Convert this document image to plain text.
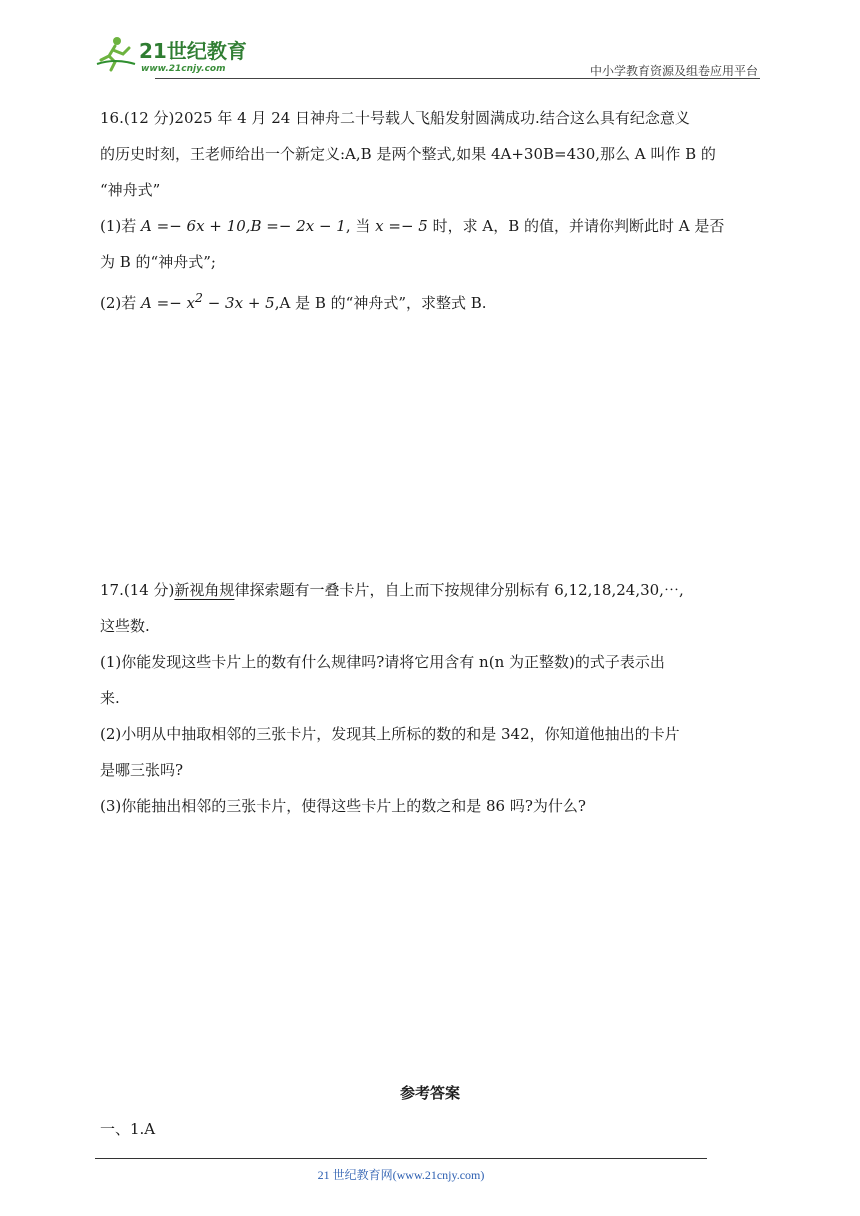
21世纪教育
www.21cnjy.com	中小学教育资源及组卷应用平台
16.(12 分)2025 年 4 月 24 日神舟二十号载人飞船发射圆满成功.结合这么具有纪念意义
的历史时刻，王老师给出一个新定义:A,B 是两个整式,如果 4A+30B=430,那么 A 叫作 B 的
“神舟式”
(1)若 A =− 6x + 10,B =− 2x − 1, 当 x =− 5 时，求 A，B 的值，并请你判断此时 A 是否
为 B 的“神舟式”;
(2)若 $A =- x^2 - 3x + 5,A$ 是 B 的“神舟式”，求整式 B.
17.(14 分)新视角规律探索题有一叠卡片，自上而下按规律分别标有 6,12,18,24,30,⋯,
这些数.
(1)你能发现这些卡片上的数有什么规律吗?请将它用含有 n(n 为正整数)的式子表示出
来.
(2)小明从中抽取相邻的三张卡片，发现其上所标的数的和是 342，你知道他抽出的卡片
是哪三张吗?
(3)你能抽出相邻的三张卡片，使得这些卡片上的数之和是 86 吗?为什么?
参考答案
一、1.A
21 世纪教育网(www.21cnjy.com)
